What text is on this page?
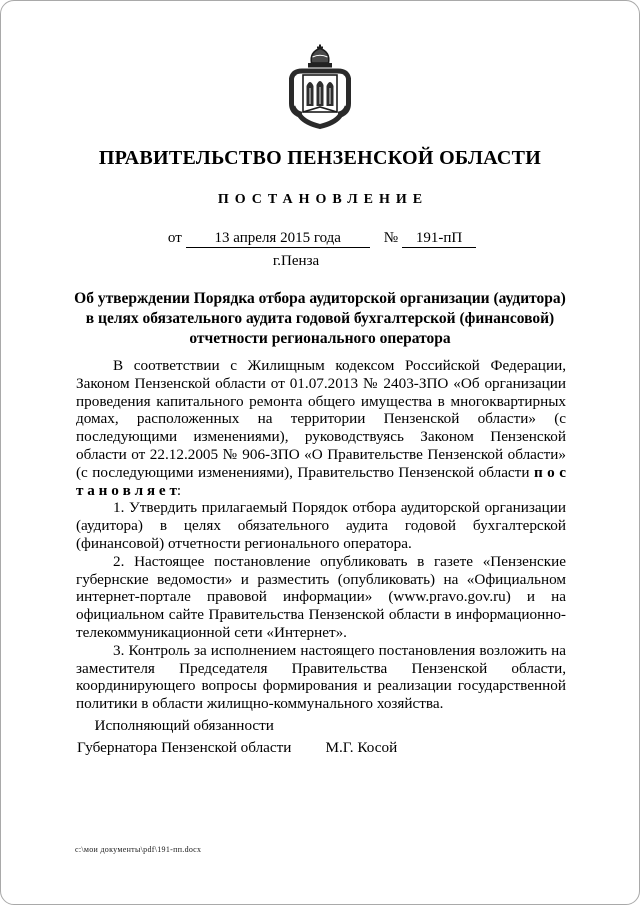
ПРАВИТЕЛЬСТВО ПЕНЗЕНСКОЙ ОБЛАСТИ
ПОСТАНОВЛЕНИЕ
от	13 апреля 2015 года	№	191-пП
г.Пенза
Об утверждении Порядка отбора аудиторской организации (аудитора)
в целях обязательного аудита годовой бухгалтерской (финансовой)
отчетности регионального оператора

В соответствии с Жилищным кодексом Российской Федерации, Законом Пензенской области от 01.07.2013 № 2403-ЗПО «Об организации проведения капитального ремонта общего имущества в многоквартирных домах, расположенных на территории Пензенской области» (с последующими изменениями), руководствуясь Законом Пензенской области от 22.12.2005 № 906-ЗПО «О Правительстве Пензенской области» (с последующими изменениями), Правительство Пензенской области п о с т а н о в л я е т:

1. Утвердить прилагаемый Порядок отбора аудиторской организации (аудитора) в целях обязательного аудита годовой бухгалтерской (финансовой) отчетности регионального оператора.

2. Настоящее постановление опубликовать в газете «Пензенские губернские ведомости» и разместить (опубликовать) на «Официальном интернет-портале правовой информации» (www.pravo.gov.ru) и на официальном сайте Правительства Пензенской области в информационно-телекоммуникационной сети «Интернет».

3. Контроль за исполнением настоящего постановления возложить на заместителя Председателя Правительства Пензенской области, координирующего вопросы формирования и реализации государственной политики в области жилищно-коммунального хозяйства.

Исполняющий обязанности
Губернатора Пензенской области М.Г. Косой
с:\мои документы\pdf\191-пп.docx
